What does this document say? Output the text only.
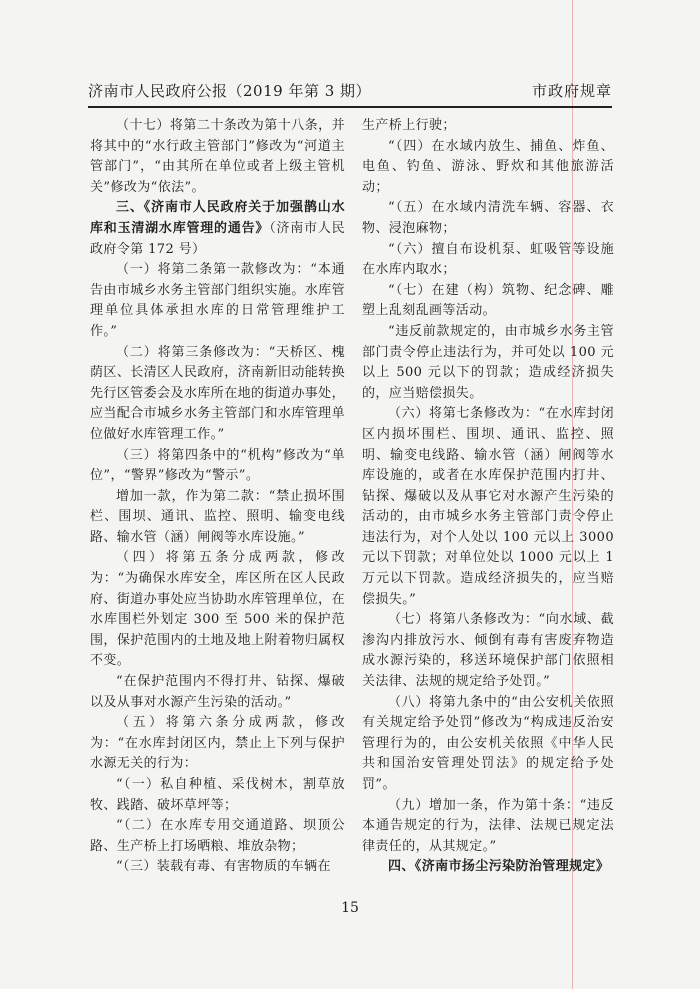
济南市人民政府公报（2019 年第 3 期）	市政府规章

（十七）将第二十条改为第十八条，并将其中的“水行政主管部门”修改为“河道主管部门”，“由其所在单位或者上级主管机关”修改为“依法”。

三、《济南市人民政府关于加强鹊山水库和玉清湖水库管理的通告》（济南市人民政府令第 172 号）

（一）将第二条第一款修改为：“本通告由市城乡水务主管部门组织实施。水库管理单位具体承担水库的日常管理维护工作。”

（二）将第三条修改为：“天桥区、槐荫区、长清区人民政府，济南新旧动能转换先行区管委会及水库所在地的街道办事处，应当配合市城乡水务主管部门和水库管理单位做好水库管理工作。”

（三）将第四条中的“机构”修改为“单位”，“警界”修改为“警示”。

增加一款，作为第二款：“禁止损坏围栏、围坝、通讯、监控、照明、输变电线路、输水管（涵）闸阀等水库设施。”

（四）将第五条分成两款，修改为：“为确保水库安全，库区所在区人民政府、街道办事处应当协助水库管理单位，在水库围栏外划定 300 至 500 米的保护范围，保护范围内的土地及地上附着物归属权不变。

“在保护范围内不得打井、钻探、爆破以及从事对水源产生污染的活动。”

（五）将第六条分成两款，修改为：“在水库封闭区内，禁止上下列与保护水源无关的行为：

“（一）私自种植、采伐树木，割草放牧、践踏、破坏草坪等；

“（二）在水库专用交通道路、坝顶公路、生产桥上打场晒粮、堆放杂物；

“（三）装载有毒、有害物质的车辆在

生产桥上行驶；

“（四）在水域内放生、捕鱼、炸鱼、电鱼、钓鱼、游泳、野炊和其他旅游活动；

“（五）在水域内清洗车辆、容器、衣物、浸泡麻物；

“（六）擅自布设机泵、虹吸管等设施在水库内取水；

“（七）在建（构）筑物、纪念碑、雕塑上乱刻乱画等活动。

“违反前款规定的，由市城乡水务主管部门责令停止违法行为，并可处以 100 元以上 500 元以下的罚款；造成经济损失的，应当赔偿损失。

（六）将第七条修改为：“在水库封闭区内损坏围栏、围坝、通讯、监控、照明、输变电线路、输水管（涵）闸阀等水库设施的，或者在水库保护范围内打井、钻探、爆破以及从事它对水源产生污染的活动的，由市城乡水务主管部门责令停止违法行为，对个人处以 100 元以上 3000 元以下罚款；对单位处以 1000 元以上 1 万元以下罚款。造成经济损失的，应当赔偿损失。”

（七）将第八条修改为：“向水域、截渗沟内排放污水、倾倒有毒有害废弃物造成水源污染的，移送环境保护部门依照相关法律、法规的规定给予处罚。”

（八）将第九条中的“由公安机关依照有关规定给予处罚”修改为“构成违反治安管理行为的，由公安机关依照《中华人民共和国治安管理处罚法》的规定给予处罚”。

（九）增加一条，作为第十条：“违反本通告规定的行为，法律、法规已规定法律责任的，从其规定。”

四、《济南市扬尘污染防治管理规定》

15
